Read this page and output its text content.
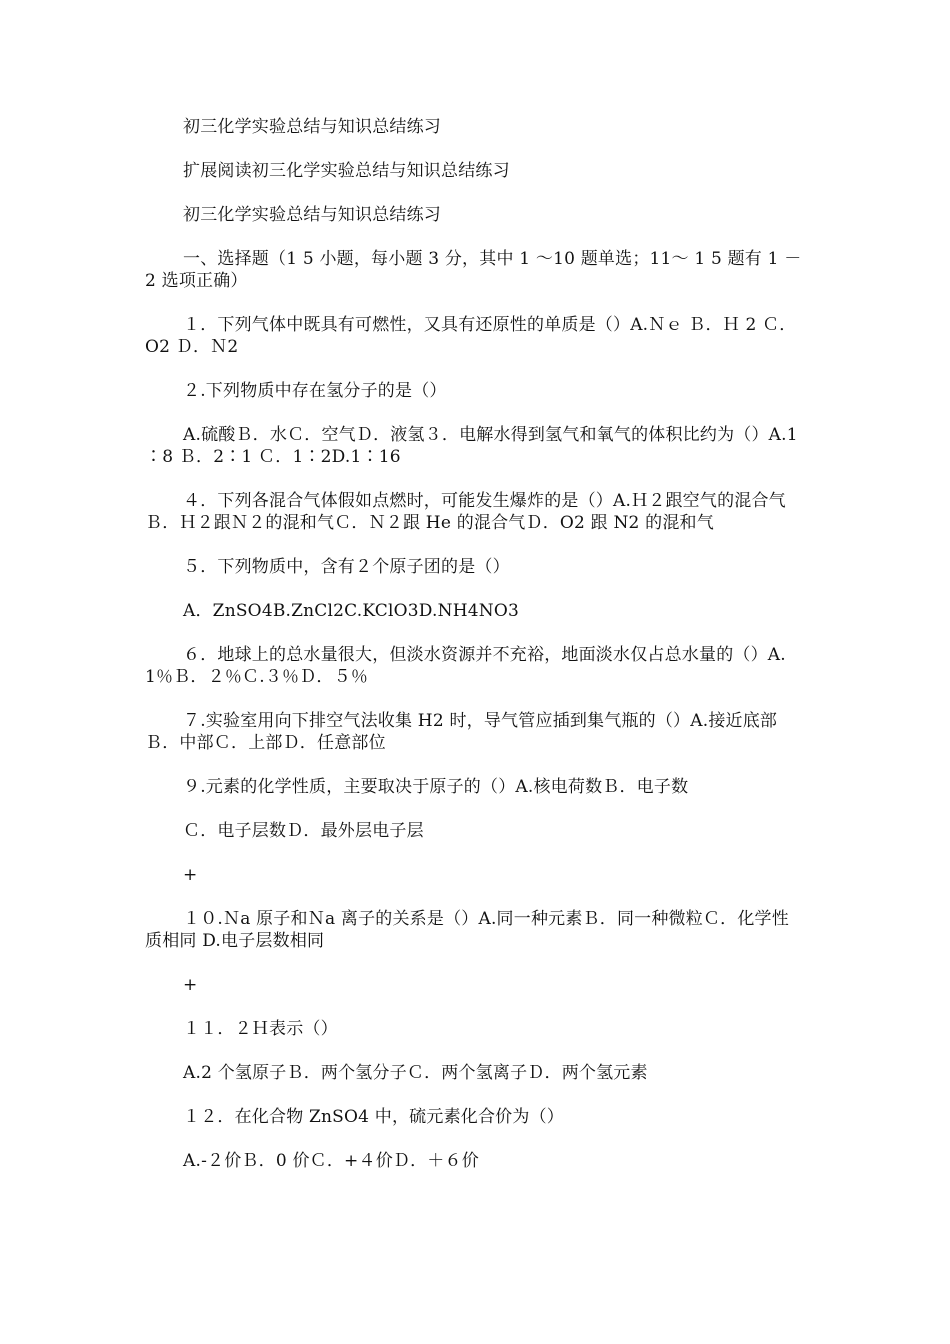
初三化学实验总结与知识总结练习
扩展阅读初三化学实验总结与知识总结练习
初三化学实验总结与知识总结练习
一、选择题（1 5 小题，每小题 3 分，其中 1 ～10 题单选；11～ 1 5 题有 1 － 2 选项正确）
１．下列气体中既具有可燃性，又具有还原性的单质是（）A.Ｎｅ Ｂ．Ｈ 2 Ｃ．O2 Ｄ．Ｎ2
２.下列物质中存在氢分子的是（）
A.硫酸Ｂ．水Ｃ．空气Ｄ．液氢３．电解水得到氢气和氧气的体积比约为（）A.1∶8 Ｂ．2∶1 Ｃ．1∶2D.1∶16
４．下列各混合气体假如点燃时，可能发生爆炸的是（）A.Ｈ２跟空气的混合气Ｂ．Ｈ２跟Ｎ２的混和气Ｃ．Ｎ２跟 He 的混合气Ｄ．O2 跟 N2 的混和气
５．下列物质中，含有２个原子团的是（）
A．ZnSO4B.ZnCl2C.KClO3D.NH4NO3
６．地球上的总水量很大，但淡水资源并不充裕，地面淡水仅占总水量的（）A.1％Ｂ．２％Ｃ.３％Ｄ．５％
７.实验室用向下排空气法收集 H2 时，导气管应插到集气瓶的（）A.接近底部Ｂ．中部Ｃ．上部Ｄ．任意部位
９.元素的化学性质，主要取决于原子的（）A.核电荷数Ｂ．电子数
Ｃ．电子层数Ｄ．最外层电子层
+
１０.Ｎa 原子和Ｎa 离子的关系是（）A.同一种元素Ｂ．同一种微粒Ｃ．化学性质相同 D.电子层数相同
+
１１．２Ｈ表示（）
A.2 个氢原子Ｂ．两个氢分子Ｃ．两个氢离子Ｄ．两个氢元素
１２．在化合物 ZnSO4 中，硫元素化合价为（）
A.-２价Ｂ．0 价Ｃ．+４价Ｄ．＋６价
